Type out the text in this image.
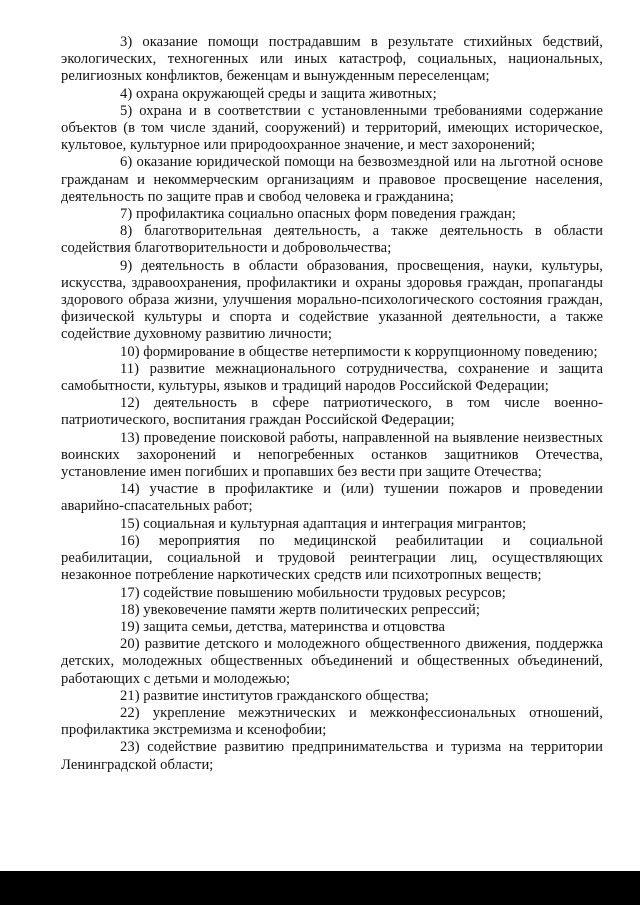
3) оказание помощи пострадавшим в результате стихийных бедствий, экологических, техногенных или иных катастроф, социальных, национальных, религиозных конфликтов, беженцам и вынужденным переселенцам;

4) охрана окружающей среды и защита животных;

5) охрана и в соответствии с установленными требованиями содержание объектов (в том числе зданий, сооружений) и территорий, имеющих историческое, культовое, культурное или природоохранное значение, и мест захоронений;

6) оказание юридической помощи на безвозмездной или на льготной основе гражданам и некоммерческим организациям и правовое просвещение населения, деятельность по защите прав и свобод человека и гражданина;

7) профилактика социально опасных форм поведения граждан;

8) благотворительная деятельность, а также деятельность в области содействия благотворительности и добровольчества;

9) деятельность в области образования, просвещения, науки, культуры, искусства, здравоохранения, профилактики и охраны здоровья граждан, пропаганды здорового образа жизни, улучшения морально-психологического состояния граждан, физической культуры и спорта и содействие указанной деятельности, а также содействие духовному развитию личности;

10) формирование в обществе нетерпимости к коррупционному поведению;

11) развитие межнационального сотрудничества, сохранение и защита самобытности, культуры, языков и традиций народов Российской Федерации;

12) деятельность в сфере патриотического, в том числе военно-патриотического, воспитания граждан Российской Федерации;

13) проведение поисковой работы, направленной на выявление неизвестных воинских захоронений и непогребенных останков защитников Отечества, установление имен погибших и пропавших без вести при защите Отечества;

14) участие в профилактике и (или) тушении пожаров и проведении аварийно-спасательных работ;

15) социальная и культурная адаптация и интеграция мигрантов;

16) мероприятия по медицинской реабилитации и социальной реабилитации, социальной и трудовой реинтеграции лиц, осуществляющих незаконное потребление наркотических средств или психотропных веществ;

17) содействие повышению мобильности трудовых ресурсов;

18) увековечение памяти жертв политических репрессий;

19) защита семьи, детства, материнства и отцовства

20) развитие детского и молодежного общественного движения, поддержка детских, молодежных общественных объединений и общественных объединений, работающих с детьми и молодежью;

21) развитие институтов гражданского общества;

22) укрепление межэтнических и межконфессиональных отношений, профилактика экстремизма и ксенофобии;

23) содействие развитию предпринимательства и туризма на территории Ленинградской области;
